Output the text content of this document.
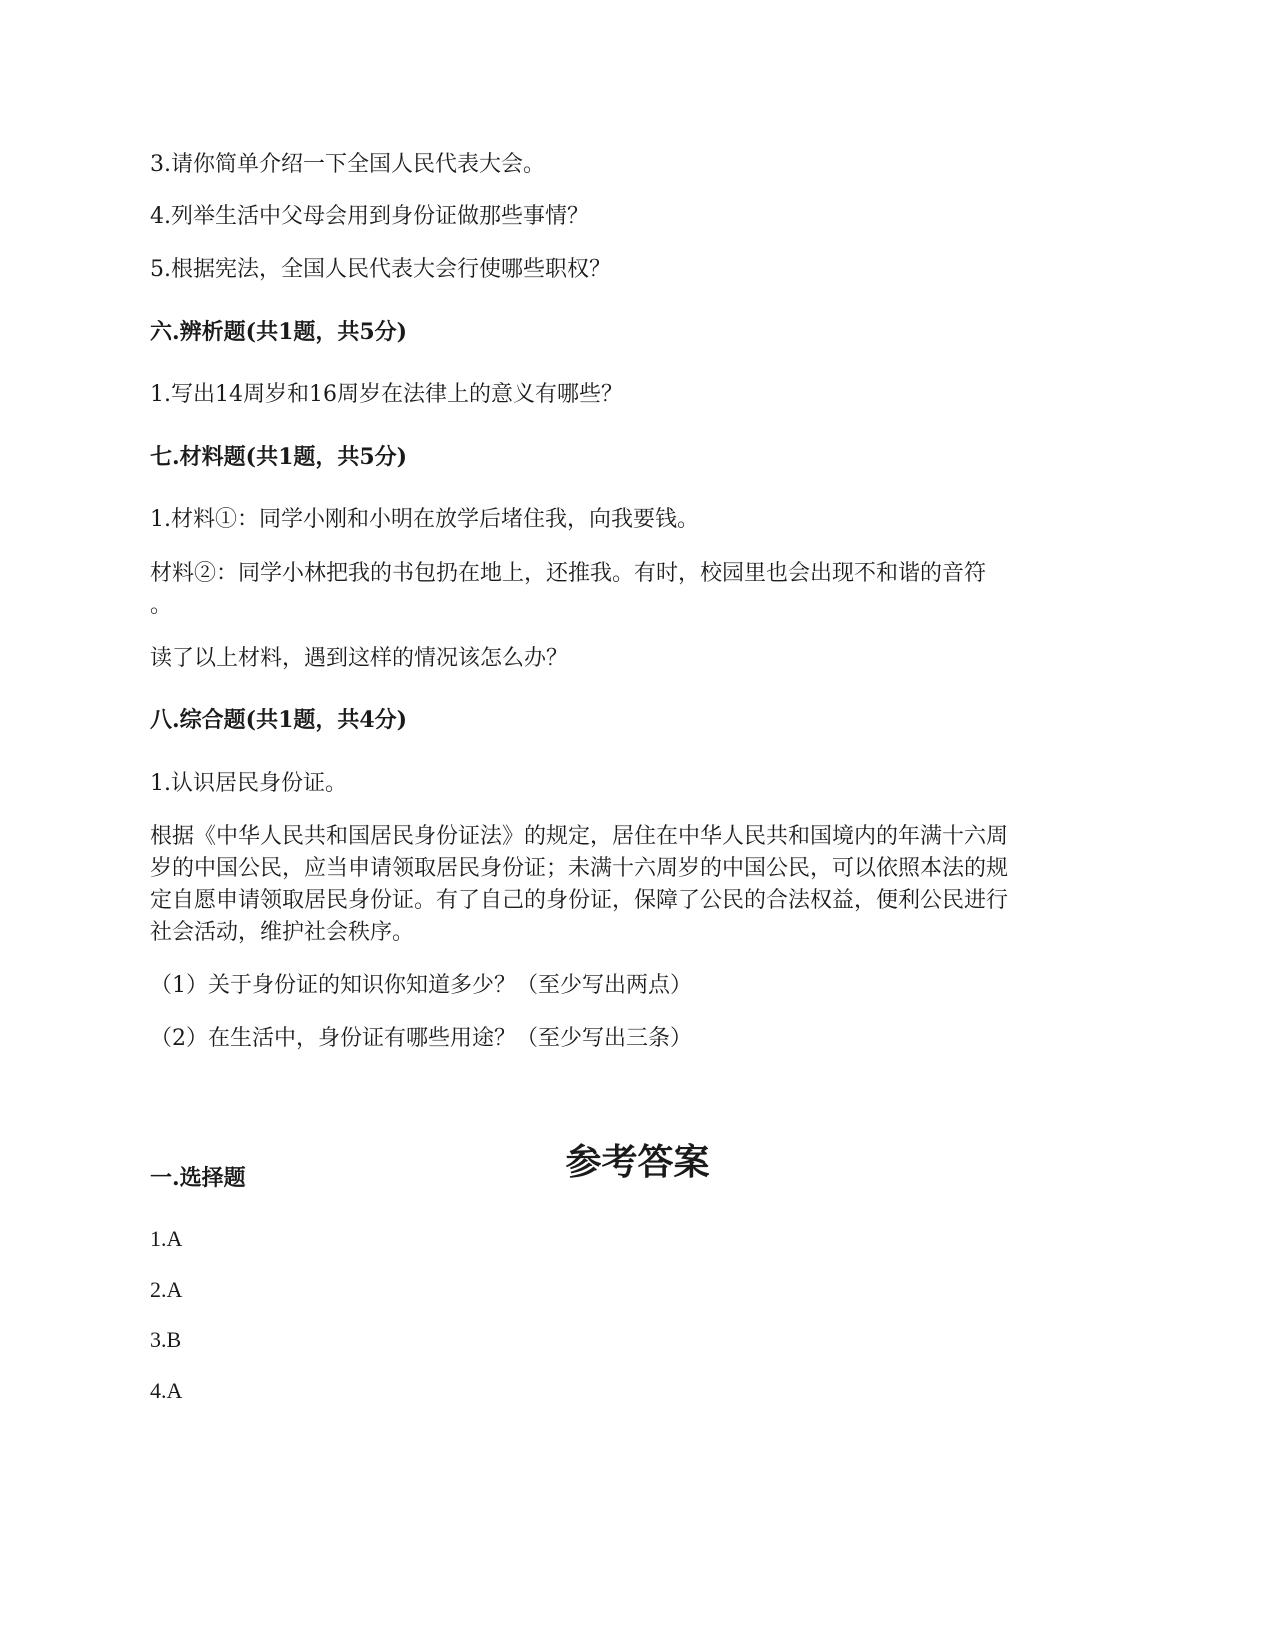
3.请你简单介绍一下全国人民代表大会。

4.列举生活中父母会用到身份证做那些事情？

5.根据宪法，全国人民代表大会行使哪些职权？

六.辨析题(共1题，共5分)

1.写出14周岁和16周岁在法律上的意义有哪些？

七.材料题(共1题，共5分)

1.材料①：同学小刚和小明在放学后堵住我，向我要钱。

材料②：同学小林把我的书包扔在地上，还推我。有时，校园里也会出现不和谐的音符

。

读了以上材料，遇到这样的情况该怎么办？

八.综合题(共1题，共4分)

1.认识居民身份证。

根据《中华人民共和国居民身份证法》的规定，居住在中华人民共和国境内的年满十六周

岁的中国公民，应当申请领取居民身份证；未满十六周岁的中国公民，可以依照本法的规

定自愿申请领取居民身份证。有了自己的身份证，保障了公民的合法权益，便利公民进行

社会活动，维护社会秩序。

（1）关于身份证的知识你知道多少？（至少写出两点）

（2）在生活中，身份证有哪些用途？（至少写出三条）

参考答案

一.选择题

1.A

2.A

3.B

4.A
